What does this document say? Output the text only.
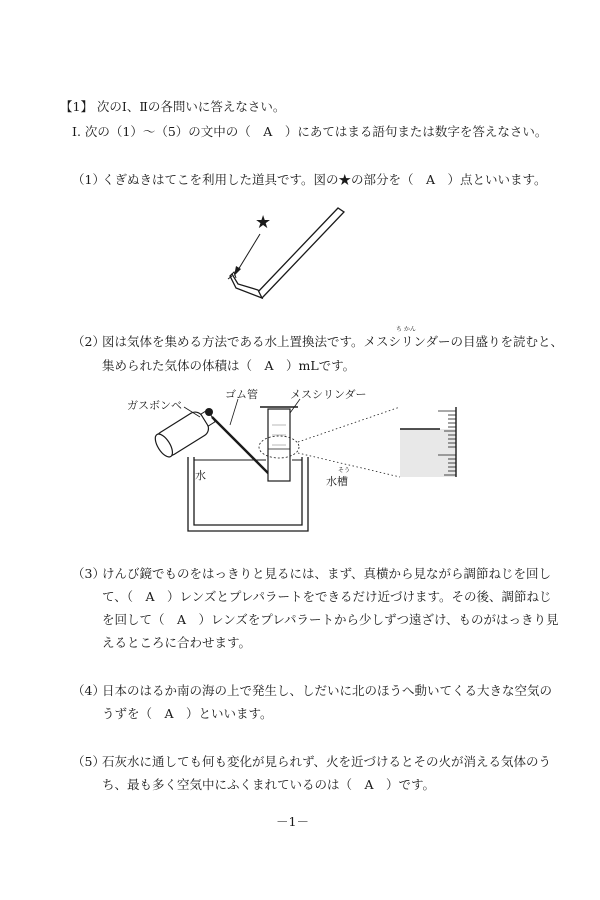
【1】 次のⅠ、Ⅱの各問いに答えなさい。
Ⅰ. 次の（1）～（5）の文中の（　A　）にあてはまる語句または数字を答えなさい。
（1）
くぎぬきはてこを利用した道具です。図の★の部分を（　A　）点といいます。
★
（2）
ち かん
図は気体を集める方法である水上置換法です。メスシリンダーの目盛りを読むと、
集められた気体の体積は（　A　）mLです。
ガスボンベ
ゴム管	メスシリンダー
水	そう
水槽
（3）
けんび鏡でものをはっきりと見るには、まず、真横から見ながら調節ねじを回し
て、（　A　）レンズとプレパラートをできるだけ近づけます。その後、調節ねじ
を回して（　A　）レンズをプレパラートから少しずつ遠ざけ、ものがはっきり見
えるところに合わせます。
（4）
日本のはるか南の海の上で発生し、しだいに北のほうへ動いてくる大きな空気の
うずを（　A　）といいます。
（5）
石灰水に通しても何も変化が見られず、火を近づけるとその火が消える気体のう
ち、最も多く空気中にふくまれているのは（　A　）です。
－1－
